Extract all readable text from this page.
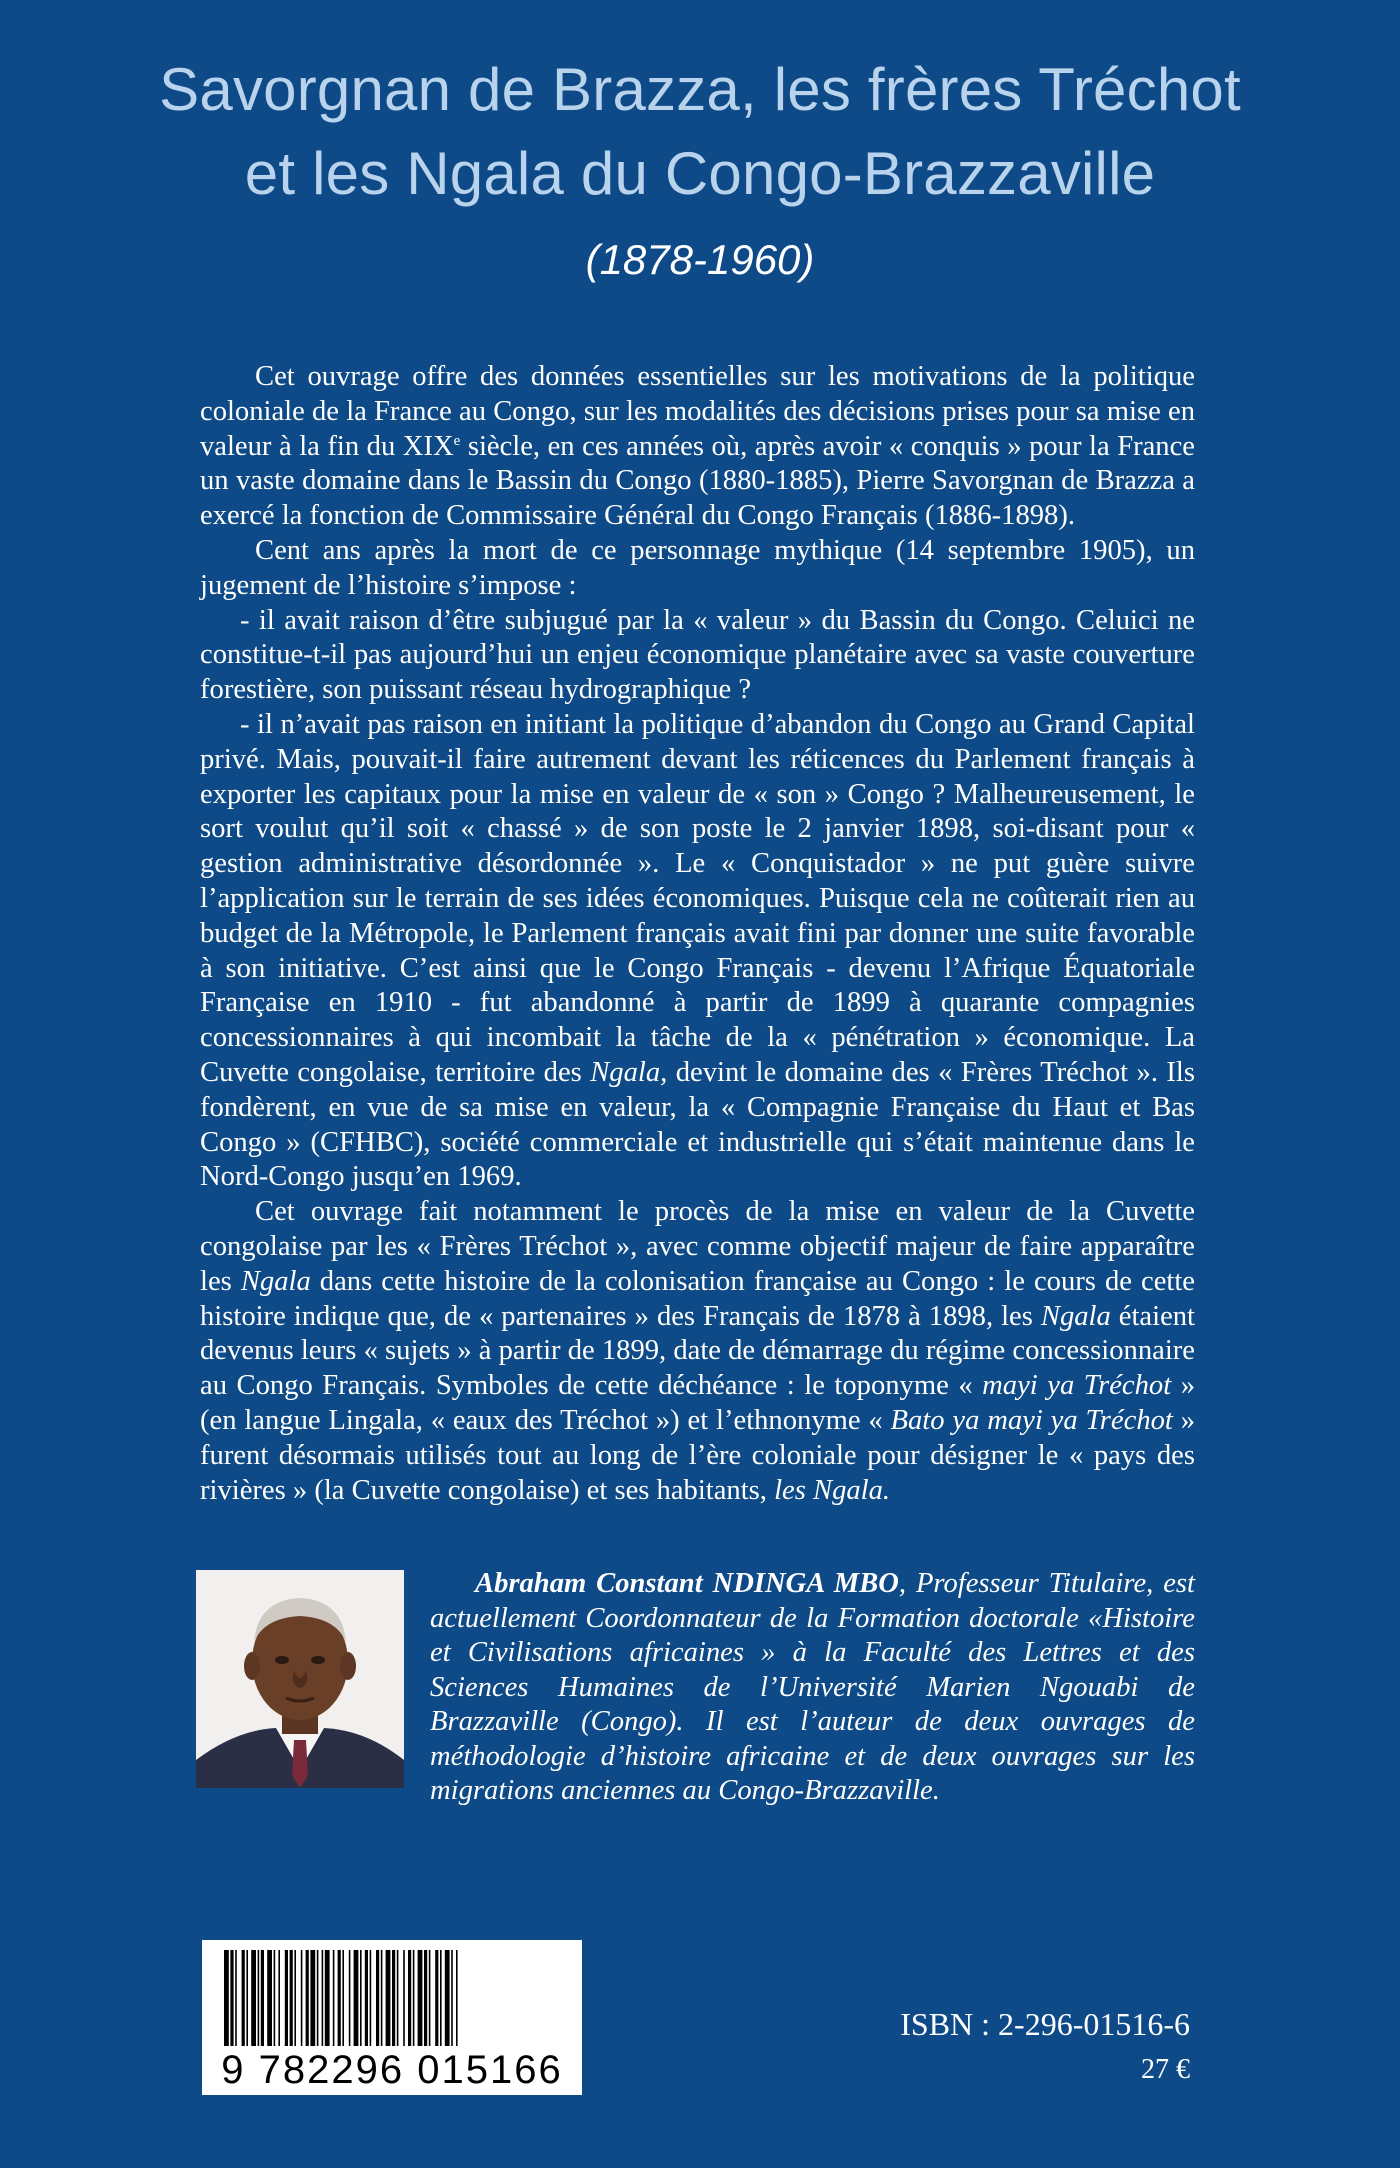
Savorgnan de Brazza, les frères Tréchot
et les Ngala du Congo-Brazzaville
(1878-1960)

Cet ouvrage offre des données essentielles sur les motivations de la politique coloniale de la France au Congo, sur les modalités des décisions prises pour sa mise en valeur à la fin du XIXe siècle, en ces années où, après avoir « conquis » pour la France un vaste domaine dans le Bassin du Congo (1880-1885), Pierre Savorgnan de Brazza a exercé la fonction de Commissaire Général du Congo Français (1886-1898).

Cent ans après la mort de ce personnage mythique (14 septembre 1905), un jugement de l’histoire s’impose :

- il avait raison d’être subjugué par la « valeur » du Bassin du Congo. Celuici ne constitue-t-il pas aujourd’hui un enjeu économique planétaire avec sa vaste couverture forestière, son puissant réseau hydrographique ?

- il n’avait pas raison en initiant la politique d’abandon du Congo au Grand Capital privé. Mais, pouvait-il faire autrement devant les réticences du Parlement français à exporter les capitaux pour la mise en valeur de « son » Congo ? Malheureusement, le sort voulut qu’il soit « chassé » de son poste le 2 janvier 1898, soi-disant pour « gestion administrative désordonnée ». Le « Conquistador » ne put guère suivre l’application sur le terrain de ses idées économiques. Puisque cela ne coûterait rien au budget de la Métropole, le Parlement français avait fini par donner une suite favorable à son initiative. C’est ainsi que le Congo Français - devenu l’Afrique Équatoriale Française en 1910 - fut abandonné à partir de 1899 à quarante compagnies concessionnaires à qui incombait la tâche de la « pénétration » économique. La Cuvette congolaise, territoire des Ngala, devint le domaine des « Frères Tréchot ». Ils fondèrent, en vue de sa mise en valeur, la « Compagnie Française du Haut et Bas Congo » (CFHBC), société commerciale et industrielle qui s’était maintenue dans le Nord-Congo jusqu’en 1969.

Cet ouvrage fait notamment le procès de la mise en valeur de la Cuvette congolaise par les « Frères Tréchot », avec comme objectif majeur de faire apparaître les Ngala dans cette histoire de la colonisation française au Congo : le cours de cette histoire indique que, de « partenaires » des Français de 1878 à 1898, les Ngala étaient devenus leurs « sujets » à partir de 1899, date de démarrage du régime concessionnaire au Congo Français. Symboles de cette déchéance : le toponyme « mayi ya Tréchot » (en langue Lingala, « eaux des Tréchot ») et l’ethnonyme « Bato ya mayi ya Tréchot » furent désormais utilisés tout au long de l’ère coloniale pour désigner le « pays des rivières » (la Cuvette congolaise) et ses habitants, les Ngala.

Abraham Constant NDINGA MBO, Professeur Titulaire, est actuellement Coordonnateur de la Formation doctorale «Histoire et Civilisations africaines » à la Faculté des Lettres et des Sciences Humaines de l’Université Marien Ngouabi de Brazzaville (Congo). Il est l’auteur de deux ouvrages de méthodologie d’histoire africaine et de deux ouvrages sur les migrations anciennes au Congo-Brazzaville.
9 782296 015166
ISBN : 2-296-01516-6
27 €
